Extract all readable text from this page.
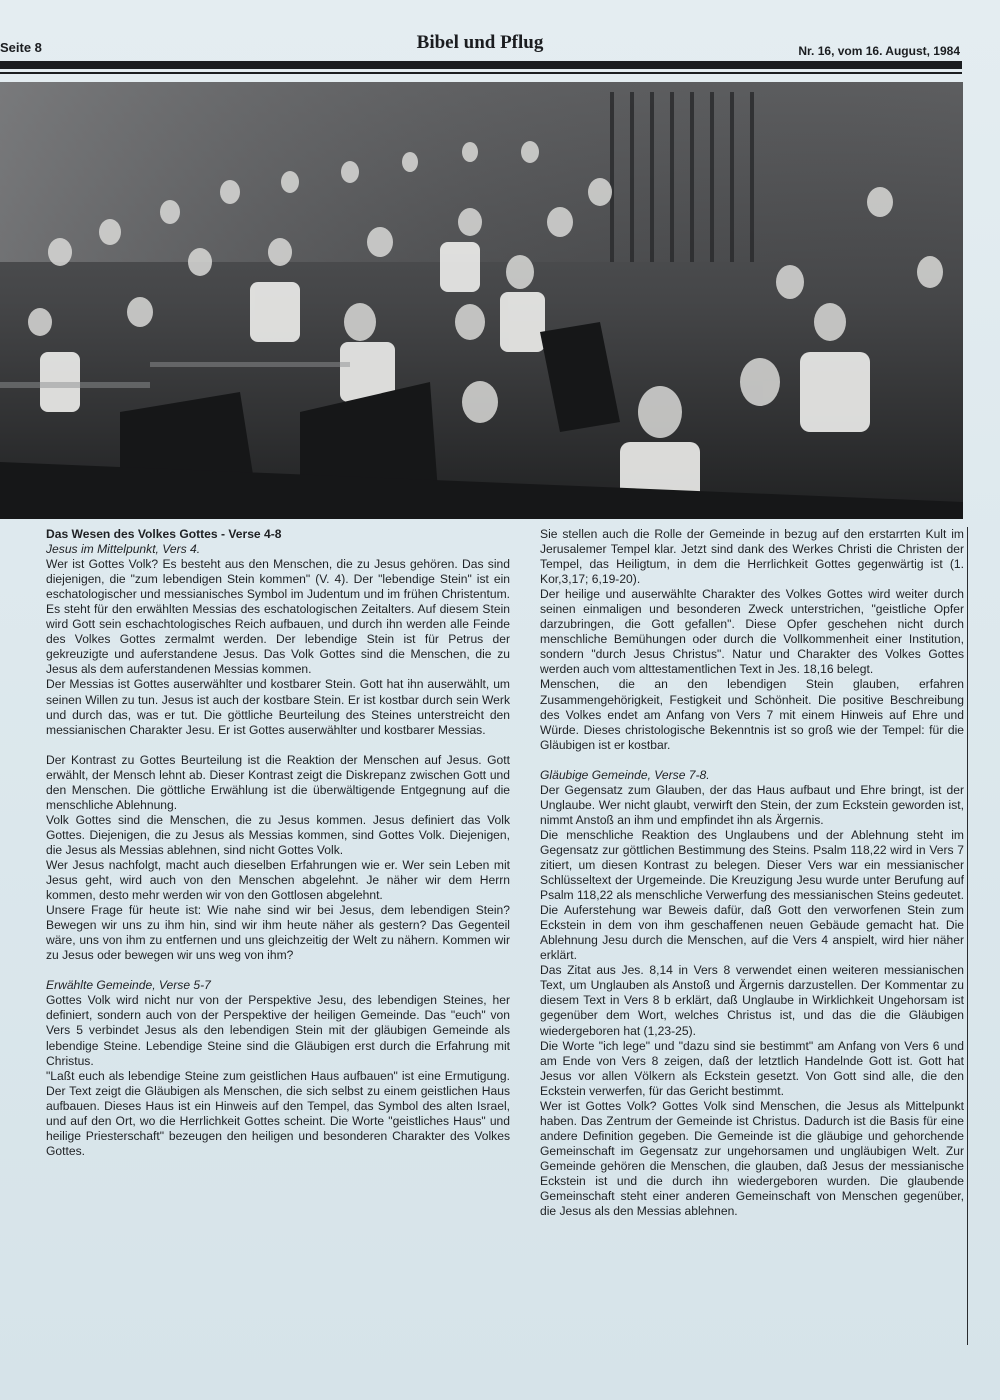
Seite 8	Bibel und Pflug	Nr. 16, vom 16. August, 1984

Das Wesen des Volkes Gottes - Verse 4-8

Jesus im Mittelpunkt, Vers 4.

Wer ist Gottes Volk? Es besteht aus den Menschen, die zu Jesus gehören. Das sind diejenigen, die "zum lebendigen Stein kommen" (V. 4). Der "lebendige Stein" ist ein eschatologischer und messianisches Symbol im Judentum und im frühen Christentum. Es steht für den erwählten Messias des eschatologischen Zeitalters. Auf diesem Stein wird Gott sein eschachtologisches Reich aufbauen, und durch ihn werden alle Feinde des Volkes Gottes zermalmt werden. Der lebendige Stein ist für Petrus der gekreuzigte und auferstandene Jesus. Das Volk Gottes sind die Menschen, die zu Jesus als dem auferstandenen Messias kommen.

Der Messias ist Gottes auserwählter und kostbarer Stein. Gott hat ihn auserwählt, um seinen Willen zu tun. Jesus ist auch der kostbare Stein. Er ist kostbar durch sein Werk und durch das, was er tut. Die göttliche Beurteilung des Steines unterstreicht den messianischen Charakter Jesu. Er ist Gottes auserwählter und kostbarer Messias.

Der Kontrast zu Gottes Beurteilung ist die Reaktion der Menschen auf Jesus. Gott erwählt, der Mensch lehnt ab. Dieser Kontrast zeigt die Diskrepanz zwischen Gott und den Menschen. Die göttliche Erwählung ist die überwältigende Entgegnung auf die menschliche Ablehnung.

Volk Gottes sind die Menschen, die zu Jesus kommen. Jesus definiert das Volk Gottes. Diejenigen, die zu Jesus als Messias kommen, sind Gottes Volk. Diejenigen, die Jesus als Messias ablehnen, sind nicht Gottes Volk.

Wer Jesus nachfolgt, macht auch dieselben Erfahrungen wie er. Wer sein Leben mit Jesus geht, wird auch von den Menschen abgelehnt. Je näher wir dem Herrn kommen, desto mehr werden wir von den Gottlosen abgelehnt.

Unsere Frage für heute ist: Wie nahe sind wir bei Jesus, dem lebendigen Stein? Bewegen wir uns zu ihm hin, sind wir ihm heute näher als gestern? Das Gegenteil wäre, uns von ihm zu entfernen und uns gleichzeitig der Welt zu nähern. Kommen wir zu Jesus oder bewegen wir uns weg von ihm?

Erwählte Gemeinde, Verse 5-7

Gottes Volk wird nicht nur von der Perspektive Jesu, des lebendigen Steines, her definiert, sondern auch von der Perspektive der heiligen Gemeinde. Das "euch" von Vers 5 verbindet Jesus als den lebendigen Stein mit der gläubigen Gemeinde als lebendige Steine. Lebendige Steine sind die Gläubigen erst durch die Erfahrung mit Christus.

"Laßt euch als lebendige Steine zum geistlichen Haus aufbauen" ist eine Ermutigung. Der Text zeigt die Gläubigen als Menschen, die sich selbst zu einem geistlichen Haus aufbauen. Dieses Haus ist ein Hinweis auf den Tempel, das Symbol des alten Israel, und auf den Ort, wo die Herrlichkeit Gottes scheint. Die Worte "geistliches Haus" und heilige Priesterschaft" bezeugen den heiligen und besonderen Charakter des Volkes Gottes.

Sie stellen auch die Rolle der Gemeinde in bezug auf den erstarrten Kult im Jerusalemer Tempel klar. Jetzt sind dank des Werkes Christi die Christen der Tempel, das Heiligtum, in dem die Herrlichkeit Gottes gegenwärtig ist (1. Kor,3,17; 6,19-20).

Der heilige und auserwählte Charakter des Volkes Gottes wird weiter durch seinen einmaligen und besonderen Zweck unterstrichen, "geistliche Opfer darzubringen, die Gott gefallen". Diese Opfer geschehen nicht durch menschliche Bemühungen oder durch die Vollkommenheit einer Institution, sondern "durch Jesus Christus". Natur und Charakter des Volkes Gottes werden auch vom alttestamentlichen Text in Jes. 18,16 belegt.

Menschen, die an den lebendigen Stein glauben, erfahren Zusammengehörigkeit, Festigkeit und Schönheit. Die positive Beschreibung des Volkes endet am Anfang von Vers 7 mit einem Hinweis auf Ehre und Würde. Dieses christologische Bekenntnis ist so groß wie der Tempel: für die Gläubigen ist er kostbar.

Gläubige Gemeinde, Verse 7-8.

Der Gegensatz zum Glauben, der das Haus aufbaut und Ehre bringt, ist der Unglaube. Wer nicht glaubt, verwirft den Stein, der zum Eckstein geworden ist, nimmt Anstoß an ihm und empfindet ihn als Ärgernis.

Die menschliche Reaktion des Unglaubens und der Ablehnung steht im Gegensatz zur göttlichen Bestimmung des Steins. Psalm 118,22 wird in Vers 7 zitiert, um diesen Kontrast zu belegen. Dieser Vers war ein messianischer Schlüsseltext der Urgemeinde. Die Kreuzigung Jesu wurde unter Berufung auf Psalm 118,22 als menschliche Verwerfung des messianischen Steins gedeutet. Die Auferstehung war Beweis dafür, daß Gott den verworfenen Stein zum Eckstein in dem von ihm geschaffenen neuen Gebäude gemacht hat. Die Ablehnung Jesu durch die Menschen, auf die Vers 4 anspielt, wird hier näher erklärt.

Das Zitat aus Jes. 8,14 in Vers 8 verwendet einen weiteren messianischen Text, um Unglauben als Anstoß und Ärgernis darzustellen. Der Kommentar zu diesem Text in Vers 8 b erklärt, daß Unglaube in Wirklichkeit Ungehorsam ist gegenüber dem Wort, welches Christus ist, und das die die Gläubigen wiedergeboren hat (1,23-25).

Die Worte "ich lege" und "dazu sind sie bestimmt" am Anfang von Vers 6 und am Ende von Vers 8 zeigen, daß der letztlich Handelnde Gott ist. Gott hat Jesus vor allen Völkern als Eckstein gesetzt. Von Gott sind alle, die den Eckstein verwerfen, für das Gericht bestimmt.

Wer ist Gottes Volk? Gottes Volk sind Menschen, die Jesus als Mittelpunkt haben. Das Zentrum der Gemeinde ist Christus. Dadurch ist die Basis für eine andere Definition gegeben. Die Gemeinde ist die gläubige und gehorchende Gemeinschaft im Gegensatz zur ungehorsamen und ungläubigen Welt. Zur Gemeinde gehören die Menschen, die glauben, daß Jesus der messianische Eckstein ist und die durch ihn wiedergeboren wurden. Die glaubende Gemeinschaft steht einer anderen Gemeinschaft von Menschen gegenüber, die Jesus als den Messias ablehnen.
